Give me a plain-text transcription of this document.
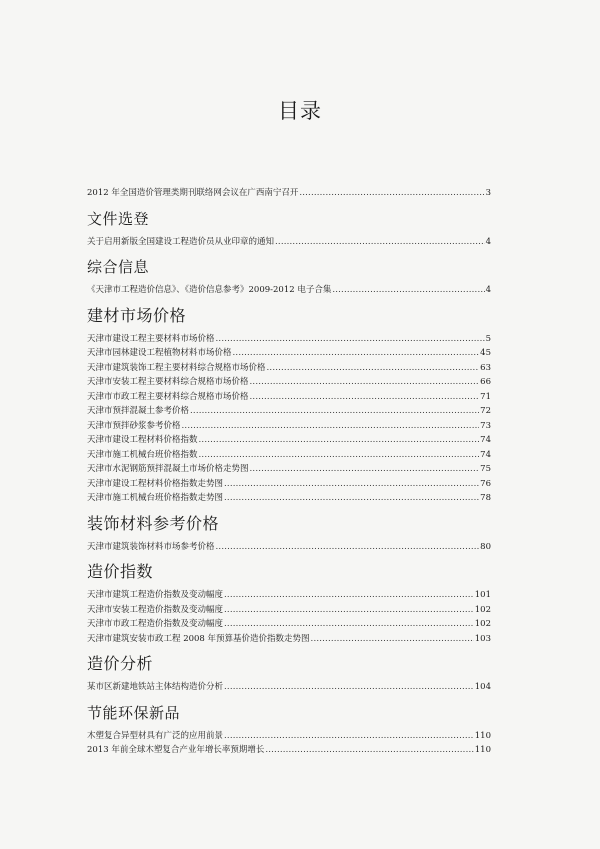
目录
2012 年全国造价管理类期刊联络网会议在广西南宁召开 .....	3
文件选登
关于启用新版全国建设工程造价员从业印章的通知 .....	4
综合信息
《天津市工程造价信息》、《造价信息参考》2009-2012 电子合集 .....	4
建材市场价格
天津市建设工程主要材料市场价格 .....	5
天津市园林建设工程植物材料市场价格 .....	45
天津市建筑装饰工程主要材料综合规格市场价格 .....	63
天津市安装工程主要材料综合规格市场价格 .....	66
天津市市政工程主要材料综合规格市场价格 .....	71
天津市预拌混凝土参考价格 .....	72
天津市预拌砂浆参考价格 .....	73
天津市建设工程材料价格指数 .....	74
天津市施工机械台班价格指数 .....	74
天津市水泥钢筋预拌混凝土市场价格走势图 .....	75
天津市建设工程材料价格指数走势图 .....	76
天津市施工机械台班价格指数走势图 .....	78
装饰材料参考价格
天津市建筑装饰材料市场参考价格 .....	80
造价指数
天津市建筑工程造价指数及变动幅度 .....	101
天津市安装工程造价指数及变动幅度 .....	102
天津市市政工程造价指数及变动幅度 .....	102
天津市建筑安装市政工程 2008 年预算基价造价指数走势图 .....	103
造价分析
某市区新建地铁站主体结构造价分析 .....	104
节能环保新品
木塑复合异型材具有广泛的应用前景 .....	110
2013 年前全球木塑复合产业年增长率预期增长 .....	110
